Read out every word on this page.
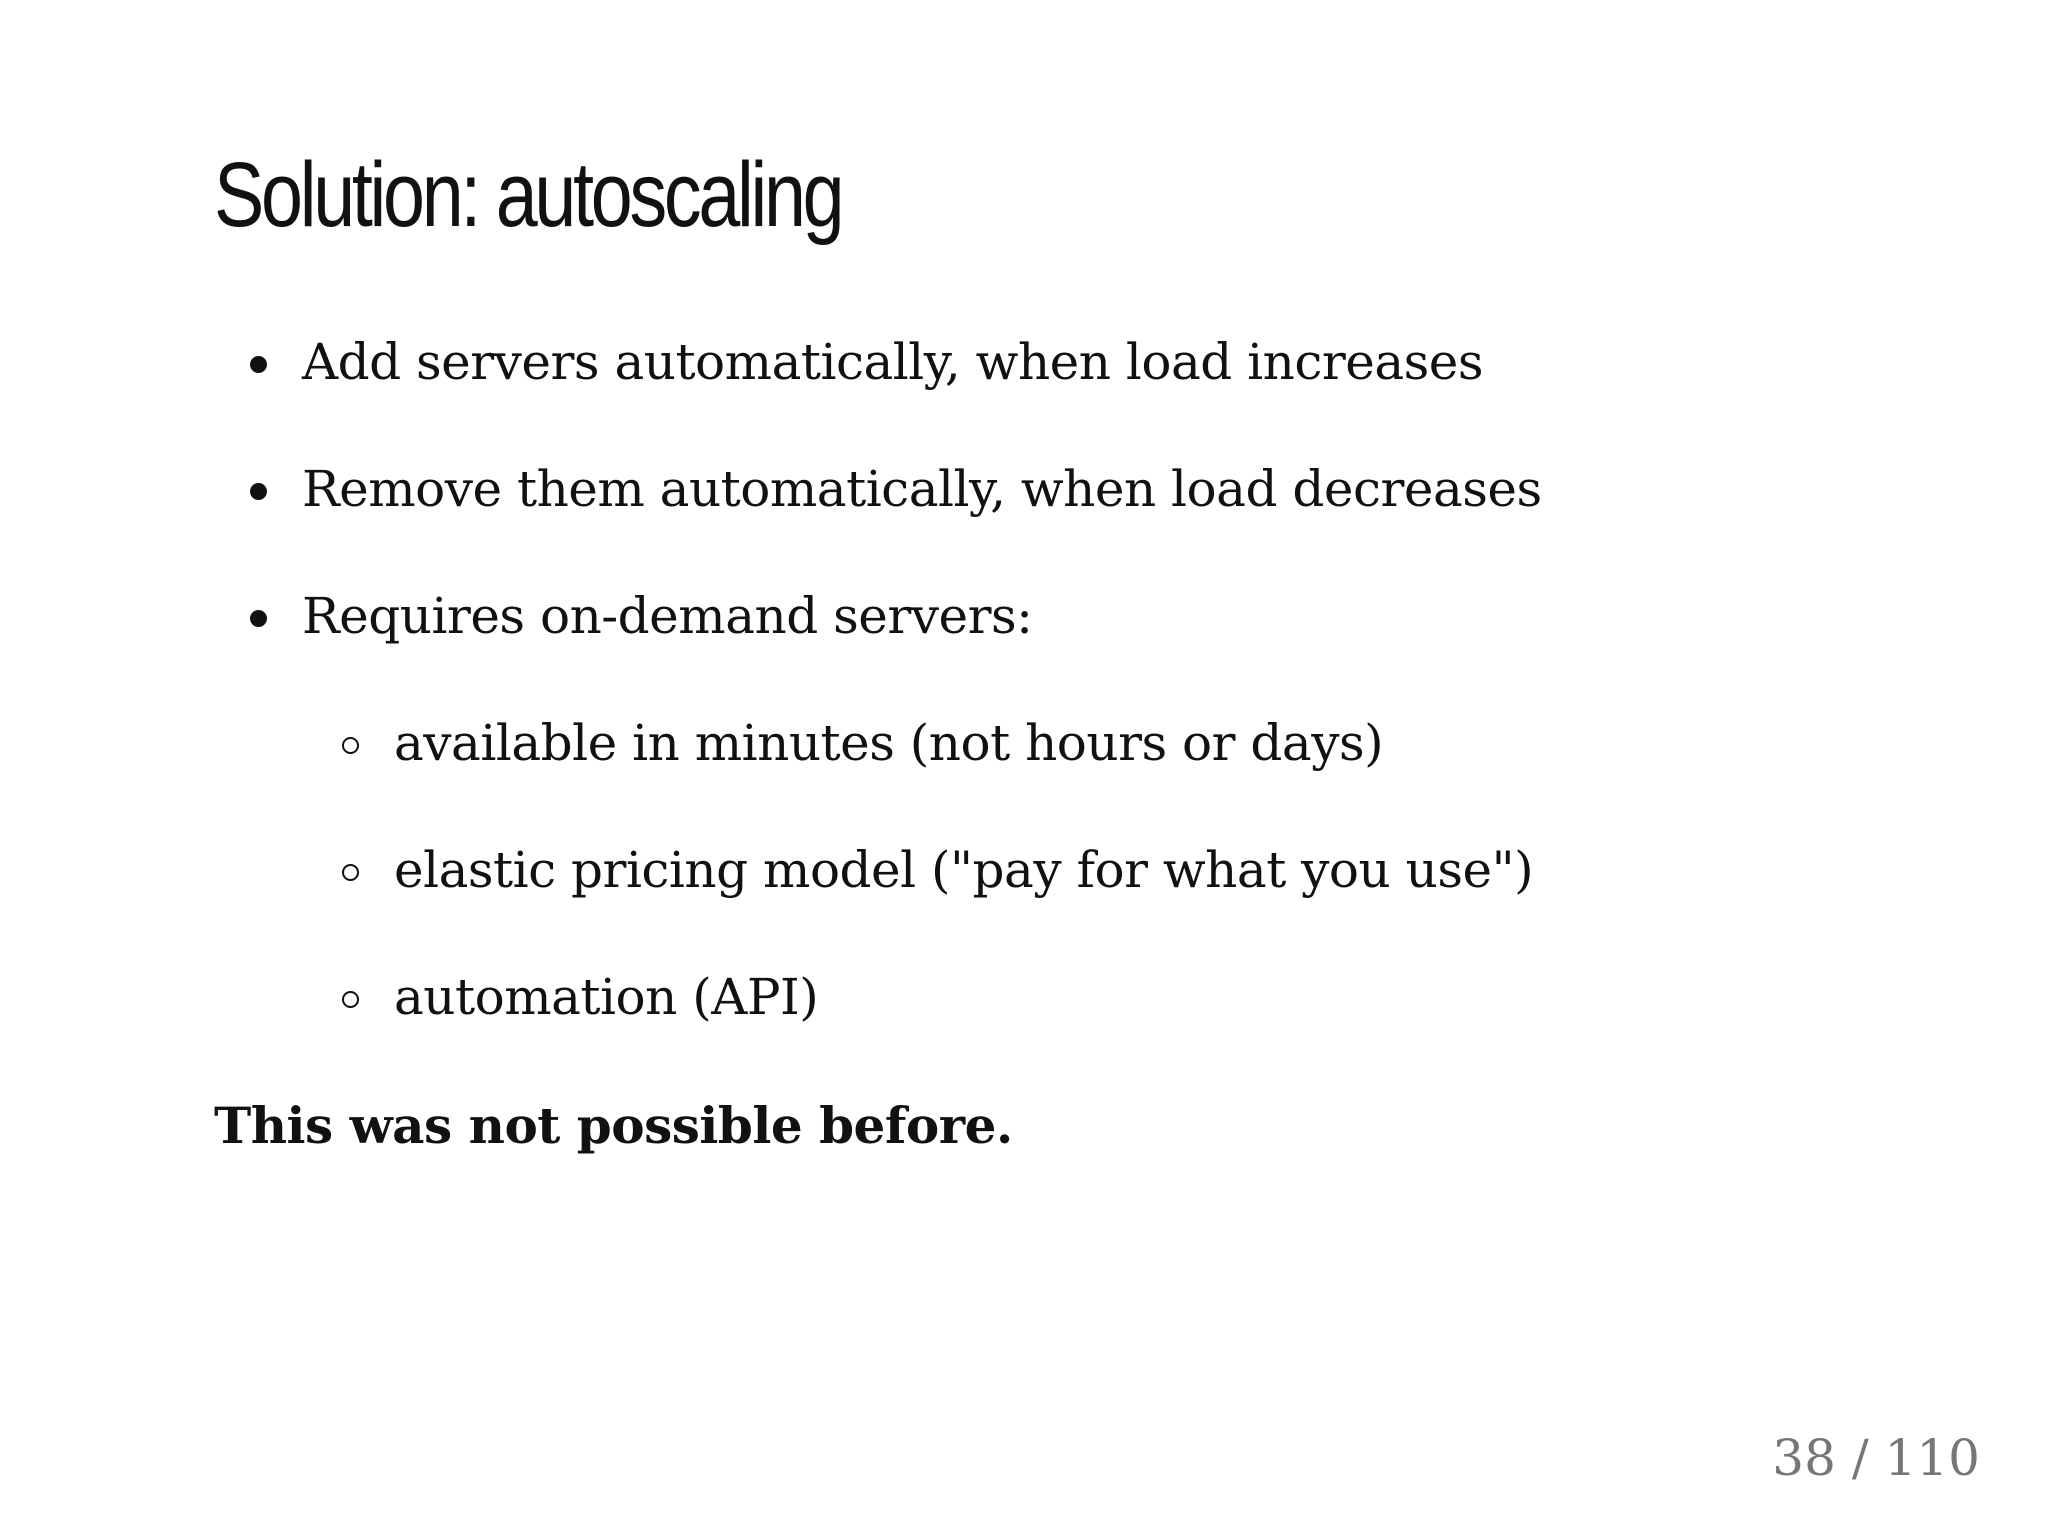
Solution: autoscaling
Add servers automatically, when load increases
Remove them automatically, when load decreases
Requires on-demand servers:
available in minutes (not hours or days)
elastic pricing model ("pay for what you use")
automation (API)

This was not possible before.

38 / 110
